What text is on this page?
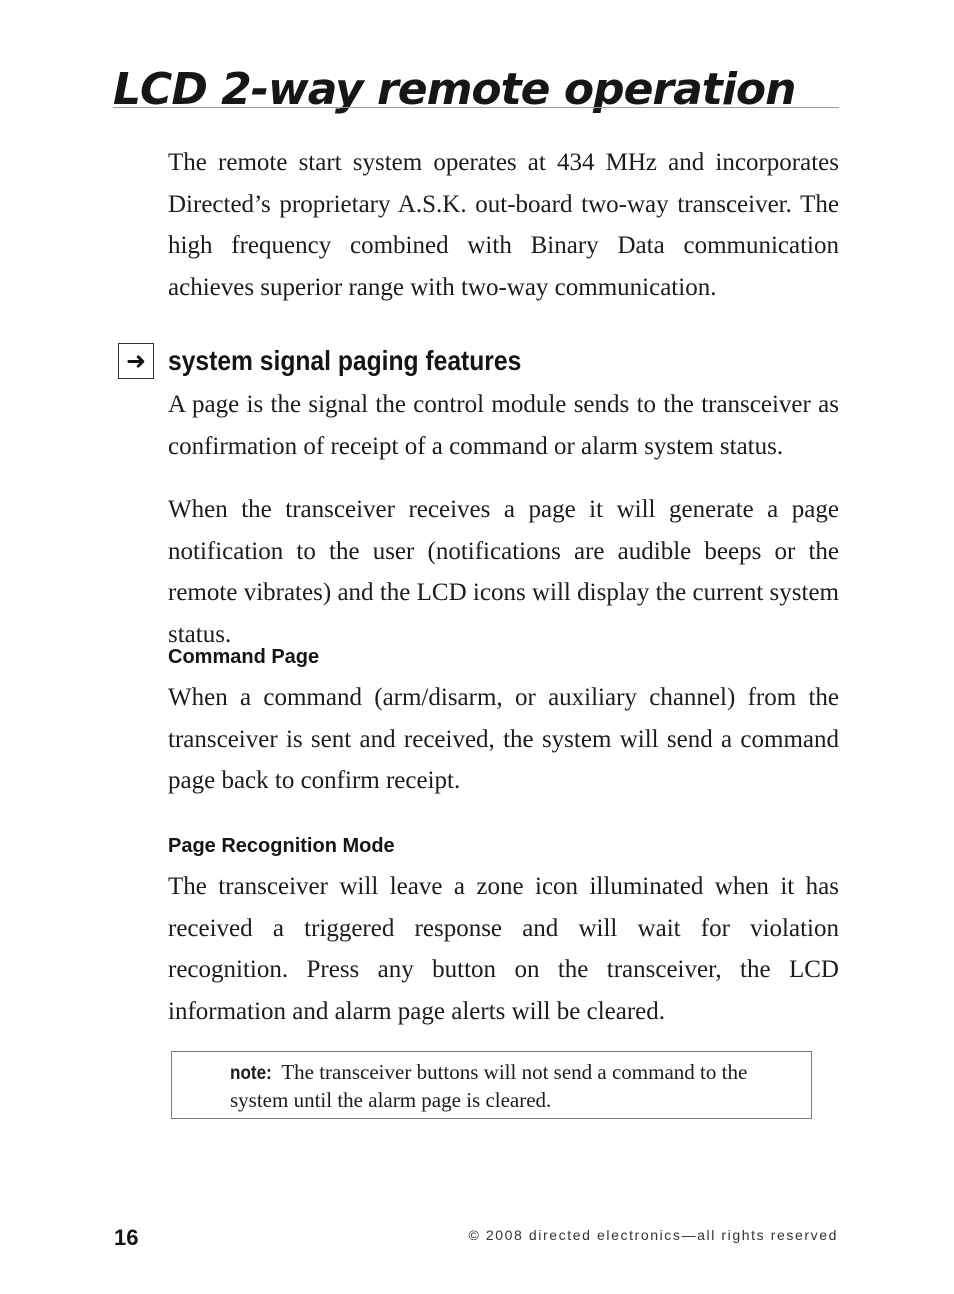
LCD 2-way remote operation

The remote start system operates at 434 MHz and incorporates Directed’s proprietary A.S.K. out-board two-way transceiver. The high frequency combined with Binary Data communication achieves superior range with two-way communication.

➜ system signal paging features

A page is the signal the control module sends to the transceiver as confirmation of receipt of a command or alarm system status.

When the transceiver receives a page it will generate a page notification to the user (notifications are audible beeps or the remote vibrates) and the LCD icons will display the current system status.

Command Page

When a command (arm/disarm, or auxiliary channel) from the transceiver is sent and received, the system will send a command page back to confirm receipt.

Page Recognition Mode

The transceiver will leave a zone icon illuminated when it has received a triggered response and will wait for violation recognition. Press any button on the transceiver, the LCD information and alarm page alerts will be cleared.

note: The transceiver buttons will not send a command to the system until the alarm page is cleared.

16	© 2008 directed electronics—all rights reserved
